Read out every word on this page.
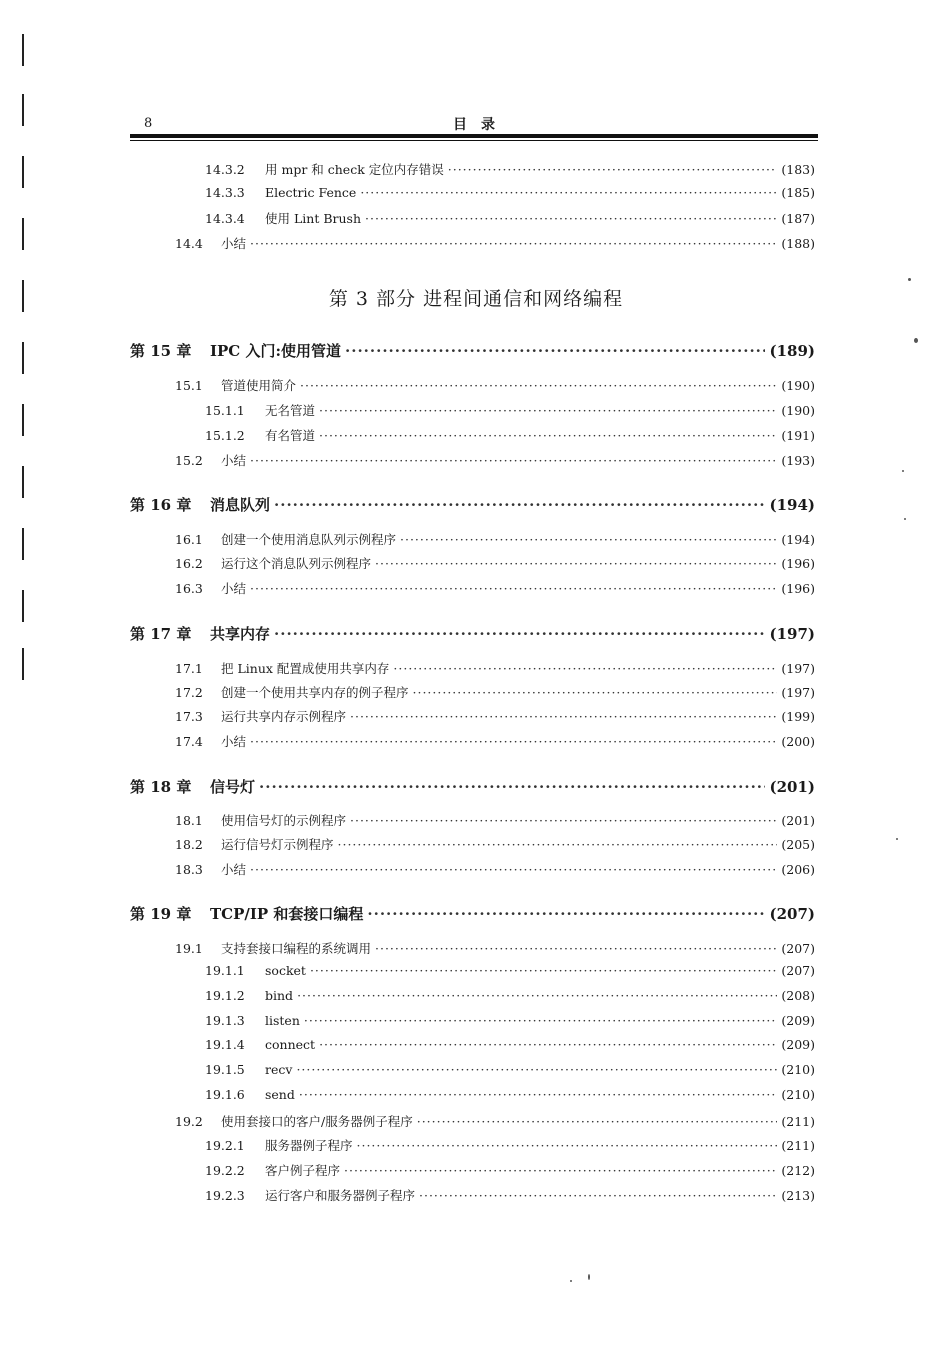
8	目录
第 3 部分 进程间通信和网络编程
14.3.2	用 mpr 和 check 定位内存错误 ·····	(183)
14.3.3	Electric Fence ·····	(185)
14.3.4	使用 Lint Brush ·····	(187)
14.4	小结 ·····	(188)
第 15 章	IPC 入门:使用管道 ·····	(189)
15.1	管道使用简介 ·····	(190)
15.1.1	无名管道 ·····	(190)
15.1.2	有名管道 ·····	(191)
15.2	小结 ·····	(193)
第 16 章	消息队列 ·····	(194)
16.1	创建一个使用消息队列示例程序 ·····	(194)
16.2	运行这个消息队列示例程序 ·····	(196)
16.3	小结 ·····	(196)
第 17 章	共享内存 ·····	(197)
17.1	把 Linux 配置成使用共享内存 ·····	(197)
17.2	创建一个使用共享内存的例子程序 ·····	(197)
17.3	运行共享内存示例程序 ·····	(199)
17.4	小结 ·····	(200)
第 18 章	信号灯 ·····	(201)
18.1	使用信号灯的示例程序 ·····	(201)
18.2	运行信号灯示例程序 ·····	(205)
18.3	小结 ·····	(206)
第 19 章	TCP/IP 和套接口编程 ·····	(207)
19.1	支持套接口编程的系统调用 ·····	(207)
19.1.1	socket ·····	(207)
19.1.2	bind ·····	(208)
19.1.3	listen ·····	(209)
19.1.4	connect ·····	(209)
19.1.5	recv ·····	(210)
19.1.6	send ·····	(210)
19.2	使用套接口的客户/服务器例子程序 ·····	(211)
19.2.1	服务器例子程序 ·····	(211)
19.2.2	客户例子程序 ·····	(212)
19.2.3	运行客户和服务器例子程序 ·····	(213)
